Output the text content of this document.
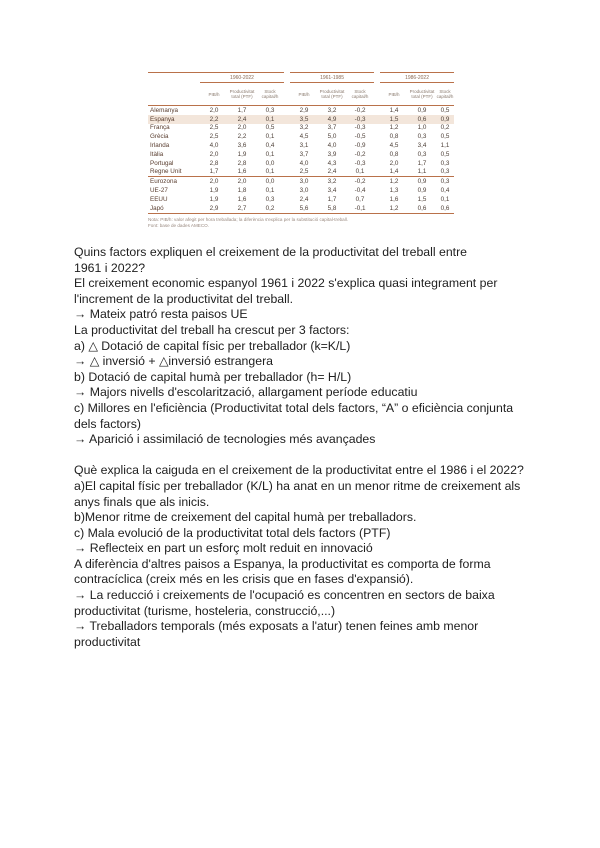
	1960-2022				1961-1985				1986-2022		
	PIB/h	Productivitat total (PTF)	Stock capital/h		PIB/h	Productivitat total (PTF)	Stock capital/h		PIB/h	Productivitat total (PTF)	Stock capital/h
Alemanya	2,0	1,7	0,3		2,9	3,2	-0,2		1,4	0,9	0,5
Espanya	2,2	2,4	0,1		3,5	4,9	-0,3		1,5	0,6	0,9
França	2,5	2,0	0,5		3,2	3,7	-0,3		1,2	1,0	0,2
Grècia	2,5	2,2	0,1		4,5	5,0	-0,5		0,8	0,3	0,5
Irlanda	4,0	3,6	0,4		3,1	4,0	-0,9		4,5	3,4	1,1
Itàlia	2,0	1,9	0,1		3,7	3,9	-0,2		0,8	0,3	0,5
Portugal	2,8	2,8	0,0		4,0	4,3	-0,3		2,0	1,7	0,3
Regne Unit	1,7	1,6	0,1		2,5	2,4	0,1		1,4	1,1	0,3
Eurozona	2,0	2,0	0,0		3,0	3,2	-0,2		1,2	0,9	0,3
UE-27	1,9	1,8	0,1		3,0	3,4	-0,4		1,3	0,9	0,4
EEUU	1,9	1,6	0,3		2,4	1,7	0,7		1,6	1,5	0,1
Japó	2,9	2,7	0,2		5,6	5,8	-0,1		1,2	0,6	0,6
Nota: PIB/h: valor afegit per hora treballada; la diferència s'explica per la substitució capital-treball.
Font: base de dades AMECO.

Quins factors expliquen el creixement de la productivitat del treball entre

1961 i 2022?

El creixement economic espanyol 1961 i 2022 s'explica quasi integrament per

l'increment de la productivitat del treball.

→ Mateix patró resta paisos UE

La productivitat del treball ha crescut per 3 factors:

a) △ Dotació de capital físic per treballador (k=K/L)

→ △ inversió + △inversió estrangera

b) Dotació de capital humà per treballador (h= H/L)

→ Majors nivells d'escolarització, allargament període educatiu

c) Millores en l'eficiència (Productivitat total dels factors, “A” o eficiència conjunta

dels factors)

→ Aparició i assimilació de tecnologies més avançades

Què explica la caiguda en el creixement de la productivitat entre el 1986 i el 2022?

a)El capital físic per treballador (K/L) ha anat en un menor ritme de creixement als

anys finals que als inicis.

b)Menor ritme de creixement del capital humà per treballadors.

c) Mala evolució de la productivitat total dels factors (PTF)

→ Reflecteix en part un esforç molt reduit en innovació

A diferència d'altres paisos a Espanya, la productivitat es comporta de forma

contracíclica (creix més en les crisis que en fases d'expansió).

→ La reducció i creixements de l'ocupació es concentren en sectors de baixa

productivitat (turisme, hosteleria, construcció,...)

→ Treballadors temporals (més exposats a l'atur) tenen feines amb menor

productivitat
